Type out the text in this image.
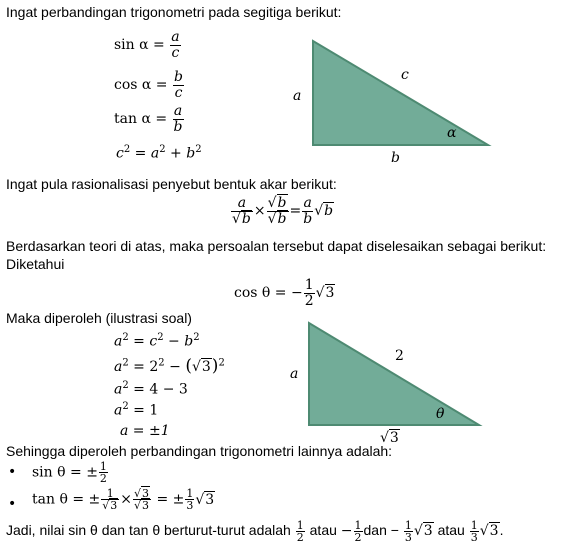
Ingat perbandingan trigonometri pada segitiga berikut:
$\sin \alpha = \frac{a}{c}$
$\cos \alpha = \frac{b}{c}$
$\tan \alpha = \frac{a}{b}$
$c^2 = a^2 + b^2$
a
c
b
α
Ingat pula rasionalisasi penyebut bentuk akar berikut:
$\frac{a}{√b} \times \frac{√b}{√b} = \frac{a}{b} √b$
Berdasarkan teori di atas, maka persoalan tersebut dapat diselesaikan sebagai berikut:
Diketahui
cos θ = − $\frac{1}{2} √3$
Maka diperoleh (ilustrasi soal)
$a^2 = c^2 - b^2$
$a^2 = 2^2 - (√3)^2$
$a^2 = 4 - 3$
$a^2 = 1$
a = ±1
a
2
θ
√3
Sehingga diperoleh perbandingan trigonometri lainnya adalah:
• sin θ = ± $\frac{1}{2}$
• tan θ = ± $\frac{1}{√3} \times \frac{√3}{√3}$ = ± $\frac{1}{3} √3$
Jadi, nilai sin θ dan tan θ berturut-turut adalah $\frac{1}{2}$ atau − $\frac{1}{2}$ dan − $\frac{1}{3} √3$ atau $\frac{1}{3} √3$.
